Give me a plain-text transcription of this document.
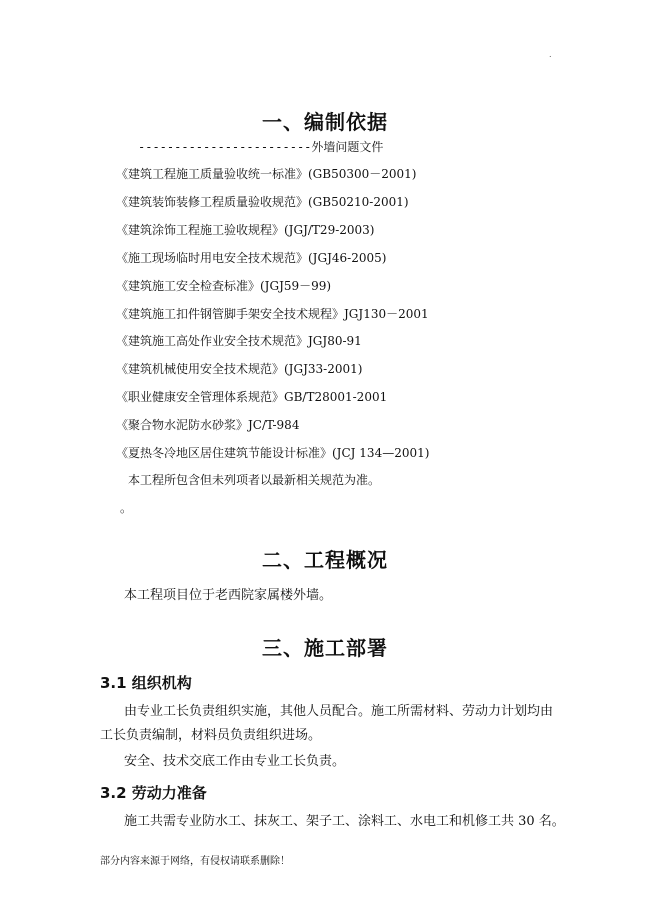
.
一、编制依据
------------------------外墙问题文件
《建筑工程施工质量验收统一标准》(GB50300－2001)
《建筑装饰装修工程质量验收规范》(GB50210-2001)
《建筑涂饰工程施工验收规程》(JGJ/T29-2003)
《施工现场临时用电安全技术规范》(JGJ46-2005)
《建筑施工安全检查标准》(JGJ59－99)
《建筑施工扣件钢管脚手架安全技术规程》JGJ130－2001
《建筑施工高处作业安全技术规范》JGJ80-91
《建筑机械使用安全技术规范》(JGJ33-2001)
《职业健康安全管理体系规范》GB/T28001-2001
《聚合物水泥防水砂浆》JC/T-984
《夏热冬冷地区居住建筑节能设计标准》(JCJ 134—2001)
本工程所包含但未列项者以最新相关规范为准。
。
二、工程概况
本工程项目位于老西院家属楼外墙。
三、施工部署
3.1 组织机构
由专业工长负责组织实施，其他人员配合。施工所需材料、劳动力计划均由
工长负责编制，材料员负责组织进场。
安全、技术交底工作由专业工长负责。
3.2 劳动力准备
施工共需专业防水工、抹灰工、架子工、涂料工、水电工和机修工共 30 名。
部分内容来源于网络，有侵权请联系删除！
